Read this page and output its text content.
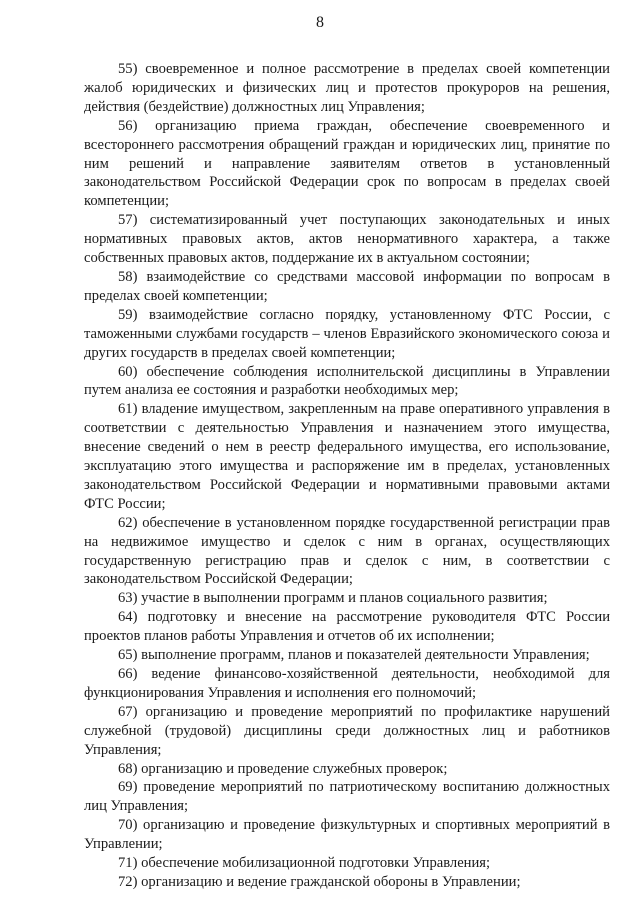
8

55) своевременное и полное рассмотрение в пределах своей компетенции жалоб юридических и физических лиц и протестов прокуроров на решения, действия (бездействие) должностных лиц Управления;

56) организацию приема граждан, обеспечение своевременного и всестороннего рассмотрения обращений граждан и юридических лиц, принятие по ним решений и направление заявителям ответов в установленный законодательством Российской Федерации срок по вопросам в пределах своей компетенции;

57) систематизированный учет поступающих законодательных и иных нормативных правовых актов, актов ненормативного характера, а также собственных правовых актов, поддержание их в актуальном состоянии;

58) взаимодействие со средствами массовой информации по вопросам в пределах своей компетенции;

59) взаимодействие согласно порядку, установленному ФТС России, с таможенными службами государств – членов Евразийского экономического союза и других государств в пределах своей компетенции;

60) обеспечение соблюдения исполнительской дисциплины в Управлении путем анализа ее состояния и разработки необходимых мер;

61) владение имуществом, закрепленным на праве оперативного управления в соответствии с деятельностью Управления и назначением этого имущества, внесение сведений о нем в реестр федерального имущества, его использование, эксплуатацию этого имущества и распоряжение им в пределах, установленных законодательством Российской Федерации и нормативными правовыми актами ФТС России;

62) обеспечение в установленном порядке государственной регистрации прав на недвижимое имущество и сделок с ним в органах, осуществляющих государственную регистрацию прав и сделок с ним, в соответствии с законодательством Российской Федерации;

63) участие в выполнении программ и планов социального развития;

64) подготовку и внесение на рассмотрение руководителя ФТС России проектов планов работы Управления и отчетов об их исполнении;

65) выполнение программ, планов и показателей деятельности Управления;

66) ведение финансово-хозяйственной деятельности, необходимой для функционирования Управления и исполнения его полномочий;

67) организацию и проведение мероприятий по профилактике нарушений служебной (трудовой) дисциплины среди должностных лиц и работников Управления;

68) организацию и проведение служебных проверок;

69) проведение мероприятий по патриотическому воспитанию должностных лиц Управления;

70) организацию и проведение физкультурных и спортивных мероприятий в Управлении;

71) обеспечение мобилизационной подготовки Управления;

72) организацию и ведение гражданской обороны в Управлении;
